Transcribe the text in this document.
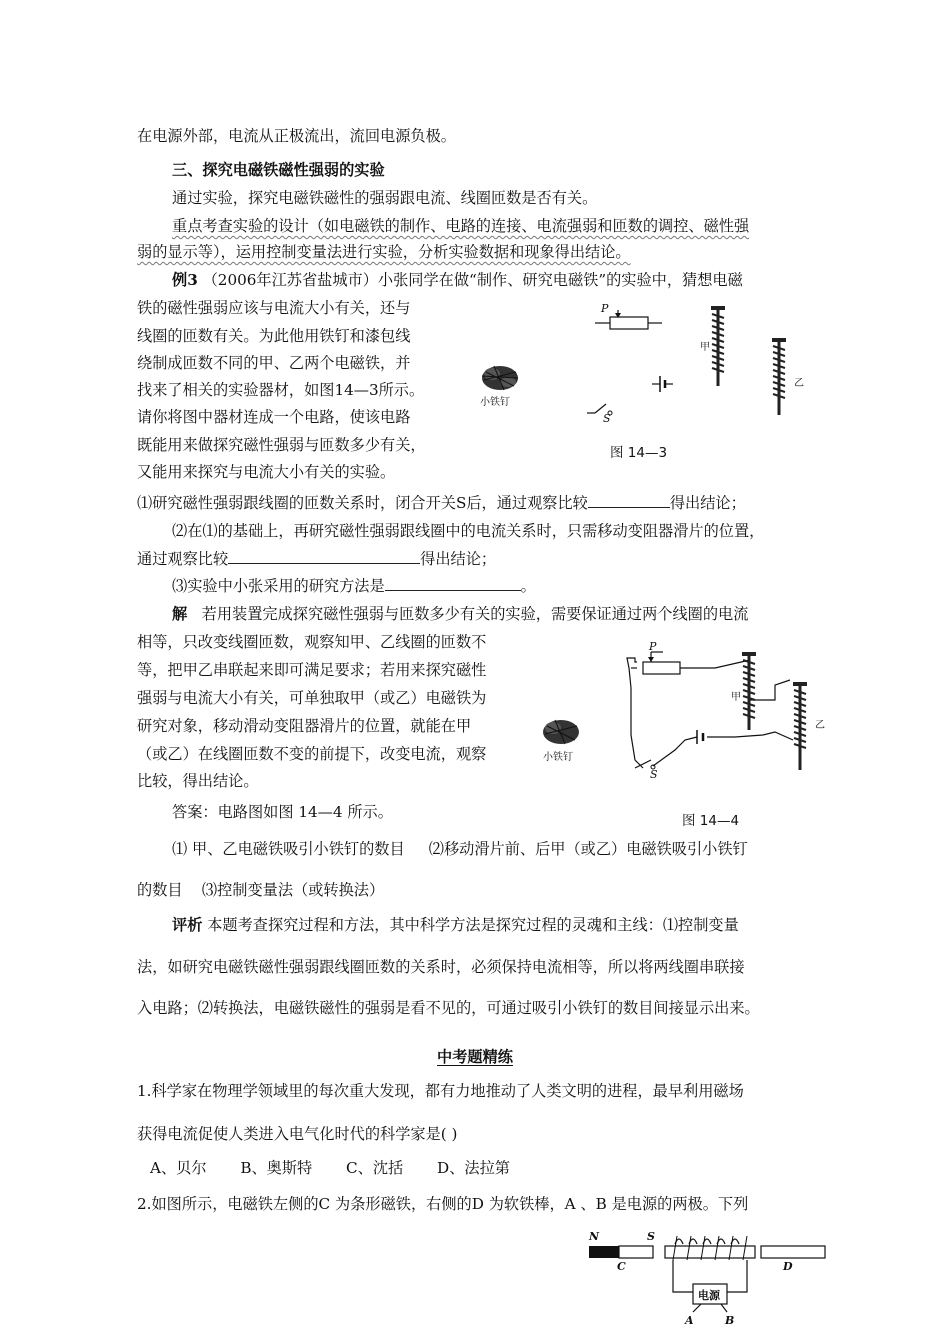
在电源外部，电流从正极流出，流回电源负极。
三、探究电磁铁磁性强弱的实验
通过实验，探究电磁铁磁性的强弱跟电流、线圈匝数是否有关。
重点考查实验的设计（如电磁铁的制作、电路的连接、电流强弱和匝数的调控、磁性强
弱的显示等），运用控制变量法进行实验，分析实验数据和现象得出结论。
例3 （2006年江苏省盐城市）小张同学在做“制作、研究电磁铁”的实验中，猜想电磁
铁的磁性强弱应该与电流大小有关，还与
线圈的匝数有关。为此他用铁钉和漆包线
绕制成匝数不同的甲、乙两个电磁铁，并
找来了相关的实验器材，如图14—3所示。
请你将图中器材连成一个电路，使该电路
既能用来做探究磁性强弱与匝数多少有关，
又能用来探究与电流大小有关的实验。
P
S
小铁钉
甲
乙
图 14—3
⑴研究磁性强弱跟线圈的匝数关系时，闭合开关S后，通过观察比较	得出结论；
⑵在⑴的基础上，再研究磁性强弱跟线圈中的电流关系时，只需移动变阻器滑片的位置，
通过观察比较	得出结论；
⑶实验中小张采用的研究方法是	。
解 若用装置完成探究磁性强弱与匝数多少有关的实验，需要保证通过两个线圈的电流
相等，只改变线圈匝数，观察知甲、乙线圈的匝数不
等，把甲乙串联起来即可满足要求；若用来探究磁性
强弱与电流大小有关，可单独取甲（或乙）电磁铁为
研究对象，移动滑动变阻器滑片的位置，就能在甲
（或乙）在线圈匝数不变的前提下，改变电流，观察
比较，得出结论。
答案：电路图如图 14—4 所示。
P
S
小铁钉
甲
乙
图 14—4
⑴ 甲、乙电磁铁吸引小铁钉的数目 ⑵移动滑片前、后甲（或乙）电磁铁吸引小铁钉
的数目 ⑶控制变量法（或转换法）
评析 本题考查探究过程和方法，其中科学方法是探究过程的灵魂和主线：⑴控制变量
法，如研究电磁铁磁性强弱跟线圈匝数的关系时，必须保持电流相等，所以将两线圈串联接
入电路；⑵转换法，电磁铁磁性的强弱是看不见的，可通过吸引小铁钉的数目间接显示出来。
中考题精练
1.科学家在物理学领域里的每次重大发现，都有力地推动了人类文明的进程，最早利用磁场
获得电流促使人类进入电气化时代的科学家是( )
A、贝尔 B、奥斯特 C、沈括 D、法拉第
2.如图所示，电磁铁左侧的C 为条形磁铁，右侧的D 为软铁棒，A 、B 是电源的两极。下列
N	S
C	D
电源
A	B
